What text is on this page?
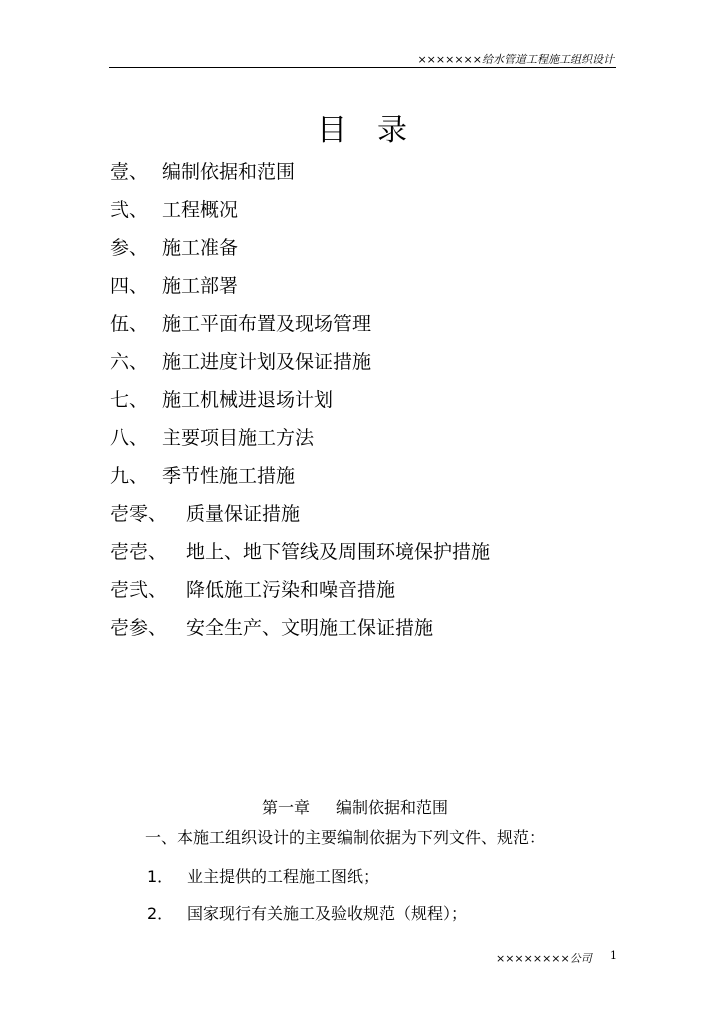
×××××××给水管道工程施工组织设计
目录
壹、 编制依据和范围
弐、 工程概况
参、 施工准备
四、 施工部署
伍、 施工平面布置及现场管理
六、 施工进度计划及保证措施
七、 施工机械进退场计划
八、 主要项目施工方法
九、 季节性施工措施
壱零、 质量保证措施
壱壱、 地上、地下管线及周围环境保护措施
壱弐、 降低施工污染和噪音措施
壱参、 安全生产、文明施工保证措施
第一章 编制依据和范围
一、本施工组织设计的主要编制依据为下列文件、规范：
1． 业主提供的工程施工图纸；
2． 国家现行有关施工及验收规范（规程）；
××××××××公司 1
